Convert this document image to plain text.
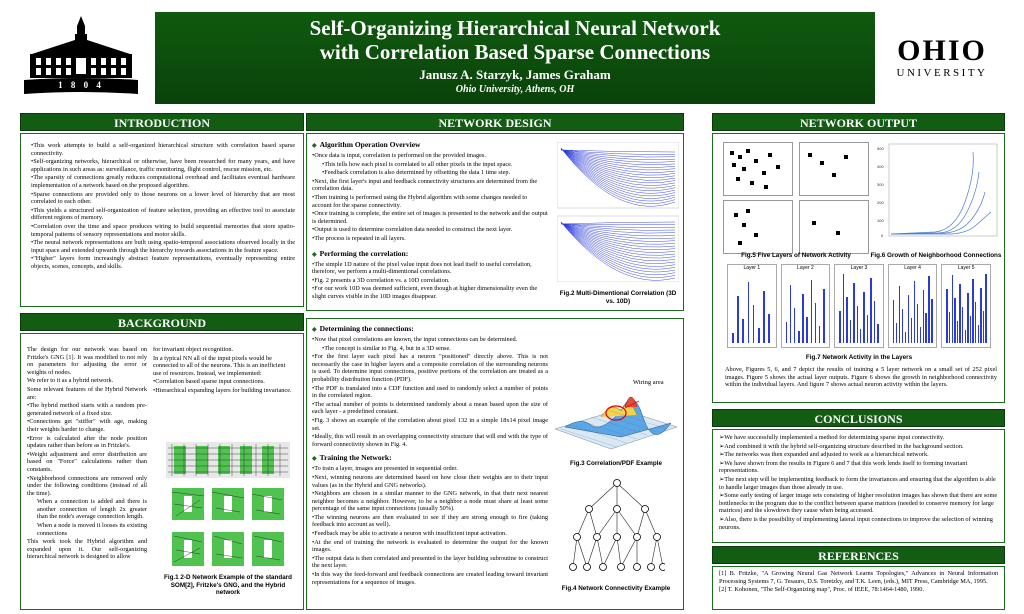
1 8 0 4
Self-Organizing Hierarchical Neural Network
with Correlation Based Sparse Connections
Janusz A. Starzyk, James Graham
Ohio University, Athens, OH
OHIO
UNIVERSITY
INTRODUCTION

•This work attempts to build a self-organized hierarchical structure with correlation based sparse connectivity.

•Self-organizing networks, hierarchical or otherwise, have been researched for many years, and have applications in such areas as: surveillance, traffic monitoring, flight control, rescue mission, etc.

•The sparsity of connections greatly reduces computational overhead and facilitates eventual hardware implementation of a network based on the proposed algorithm.

•Sparse connections are provided only to those neurons on a lower level of hierarchy that are most correlated to each other.

•This yields a structured self-organization of feature selection, providing an effective tool to associate different regions of memory.

•Correlation over the time and space produces wiring to build sequential memories that store spatio-temporal patterns of sensory representations and motor skills.

•The neural network representations are built using spatio-temporal associations observed locally in the input space and extended upwards through the hierarchy towards associations in the feature space.

•"Higher" layers form increasingly abstract feature representations, eventually representing entire objects, scenes, concepts, and skills.

BACKGROUND

The design for our network was based on Fritzke's GNG [1]. It was modified to not rely on parameters for adjusting the error or weights of nodes.

We refer to it as a hybrid network.

Some relevant features of the Hybrid Network are:

•The hybrid method starts with a random pre-generated network of a fixed size.

•Connections get "stiffer" with age, making their weights harder to change.

•Error is calculated after the node position updates rather than before as in Fritzke's.

•Weight adjustment and error distribution are based on "Force" calculations rather than constants.

•Neighborhood connections are removed only under the following conditions (instead of all the time).

When a connection is added and there is another connection of length 2x greater than the node's average connection length.

When a node is moved it looses its existing connections

This work took the Hybrid algorithm and expanded upon it. Our self-organizing hierarchical network is designed to allow

for invariant object recognition.

In a typical NN all of the input pixels would be connected to all of the neurons. This is an inefficient use of resources. Instead, we implemented:

•Correlation based sparse input connections.

•Hierarchical expanding layers for building invariance.

Fig.1 2-D Network Example of the standard SOM[2], Fritzke's GNG, and the Hybrid network
NETWORK DESIGN
◆ Algorithm Operation Overview

•Once data is input, correlation is performed on the provided images.

•This tells how each pixel is correlated to all other pixels in the input space.

•Feedback correlation is also determined by offsetting the data 1 time step.

•Next, the first layer's input and feedback connectivity structures are determined from the correlation data.

•Then training is performed using the Hybrid algorithm with some changes needed to account for the sparse connectivity.

•Once training is complete, the entire set of images is presented to the network and the output is determined.

•Output is used to determine correlation data needed to construct the next layer.

•The process is repeated in all layers.

◆ Performing the correlation:

•The simple 1D nature of the pixel value input does not lead itself to useful correlation, therefore, we perform a multi-dimentional correlations.

•Fig. 2 presents a 3D correlation vs. a 10D correlation.

•For our work 10D was deemed sufficient, even though at higher dimensionality even the slight curves visible in the 10D images disappear.	Fig.2 Multi-Dimentional Correlation (3D vs. 10D)
◆ Determining the connections:

•Now that pixel correlations are known, the input connections can be determined.

•The concept is similar to Fig. 4, but in a 3D sense.

•For the first layer each pixel has a neuron "positioned" directly above. This is not necessarily the case in higher layers and a composite correlation of the surrounding neurons is used. To determine input connections, positive portions of the correlation are treated as a probability distribution function (PDF).

•The PDF is translated into a CDF function and used to randomly select a number of points in the correlated region.

•The actual number of points is determined randomly about a mean based upon the size of each layer - a predefined constant.

•Fig. 3 shows an example of the correlation about pixel 132 in a simple 18x14 pixel image set.

•Ideally, this will result in an overlapping connectivity structure that will end with the type of forward connectivity shown in Fig. 4.

◆ Training the Network:

•To train a layer, images are presented in sequential order.

•Next, winning neurons are determined based on how close their weights are to their input values (as in the Hybrid and GNG networks).

•Neighbors are chosen in a similar manner to the GNG network, in that their next nearest neighbor becomes a neighbor. However, to be a neighbor a node must share at least some percentage of the same input connections (usually 50%).

•The winning neurons are then evaluated to see if they are strong enough to fire (taking feedback into account as well).

•Feedback may be able to activate a neuron with insufficient input activation.

•At the end of training the network is evaluated to determine the output for the known images.

•The output data is then correlated and presented to the layer building subroutine to construct the next layer.

•In this way the feed-forward and feedback connections are created leading toward invariant representations for a sequence of images.

Wiring area
Fig.3 Correlation/PDF Example
Fig.4 Network Connectivity Example
NETWORK OUTPUT
500
400
300
200
100
0
Fig.5 Five Layers of Network Activity	Fig.6 Growth of Neighborhood Connections
Layer 1	Layer 2	Layer 3	Layer 4	Layer 5
Fig.7 Network Activity in the Layers
Above, Figures 5, 6, and 7 depict the results of training a 5 layer network on a small set of 252 pixel images. Figure 5 shows the actual layer outputs. Figure 6 shows the growth in neighborhood connectivity within the individual layers. And figure 7 shows actual neuron activity within the layers.
CONCLUSIONS

➢We have successfully implemented a method for determining sparse input connectivity.

➢And combined it with the hybrid self-organizing structure described in the background section.

➢The networks was then expanded and adjusted to work as a hierarchical network.

➢We have shown from the results in Figure 6 and 7 that this work lends itself to forming invariant representations.

➢The next step will be implementing feedback to form the invariances and ensuring that the algorithm is able to handle larger images than those already in use.

➢Some early testing of larger image sets consisting of higher resolution images has shown that there are some bottlenecks in the program due to the conflict between sparse matrices (needed to conserve memory for large matrices) and the slowdown they cause when being accessed.

➢Also, there is the possibility of implementing lateral input connections to improve the selection of winning neurons.

REFERENCES

[1] B. Fritzke, "A Growing Neural Gas Network Learns Topologies," Advances in Neural Information Processing Systems 7, G. Tesauro, D.S. Toretzky, and T.K. Leen, (eds.), MIT Press, Cambridge MA, 1995.

[2] T. Kohonen, "The Self-Organizing map", Proc. of IEEE, 78:1464-1480, 1990.
